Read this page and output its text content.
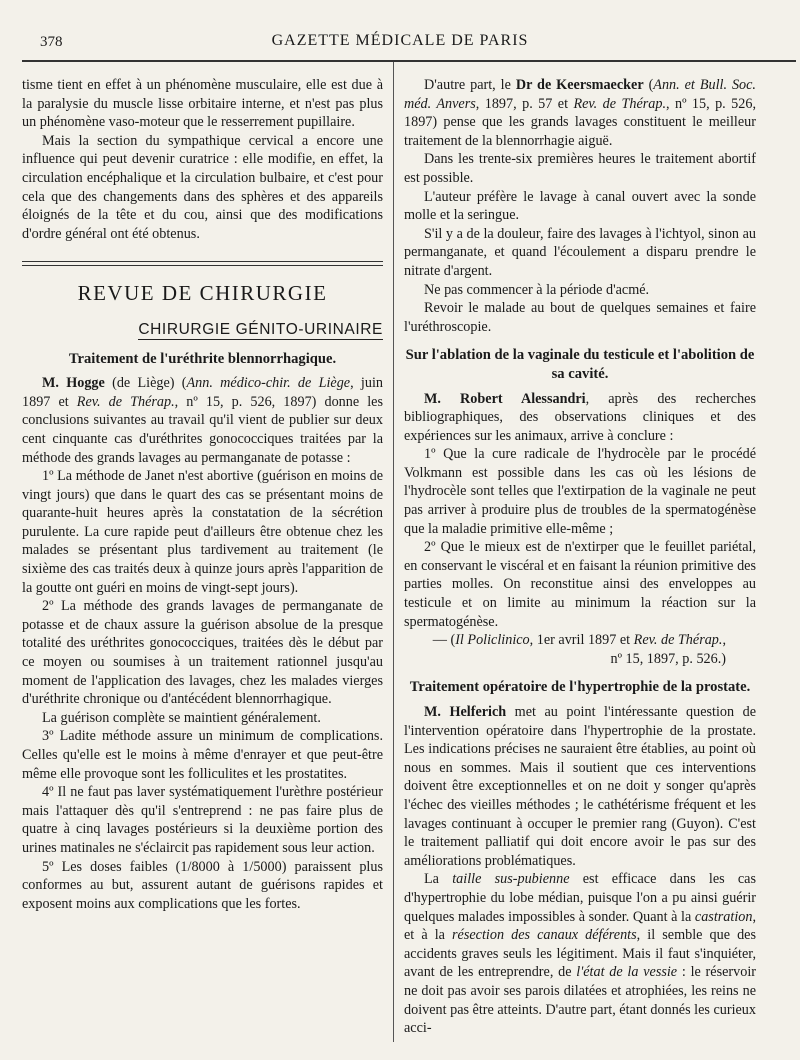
378	GAZETTE MÉDICALE DE PARIS

tisme tient en effet à un phénomène musculaire, elle est due à la paralysie du muscle lisse orbitaire interne, et n'est pas plus un phénomène vaso-moteur que le resserrement pupillaire.

Mais la section du sympathique cervical a encore une influence qui peut devenir curatrice : elle modifie, en effet, la circulation encéphalique et la circulation bulbaire, et c'est pour cela que des changements dans des sphères et des appareils éloignés de la tête et du cou, ainsi que des modifications d'ordre général ont été obtenus.

REVUE DE CHIRURGIE
CHIRURGIE GÉNITO-URINAIRE
Traitement de l'uréthrite blennorrhagique.

M. Hogge (de Liège) (Ann. médico-chir. de Liège, juin 1897 et Rev. de Thérap., nº 15, p. 526, 1897) donne les conclusions suivantes au travail qu'il vient de publier sur deux cent cinquante cas d'uréthrites gonococciques traitées par la méthode des grands lavages au permanganate de potasse :

1º La méthode de Janet n'est abortive (guérison en moins de vingt jours) que dans le quart des cas se présentant moins de quarante-huit heures après la constatation de la sécrétion purulente. La cure rapide peut d'ailleurs être obtenue chez les malades se présentant plus tardivement au traitement (le sixième des cas traités deux à quinze jours après l'apparition de la goutte ont guéri en moins de vingt-sept jours).

2º La méthode des grands lavages de permanganate de potasse et de chaux assure la guérison absolue de la presque totalité des uréthrites gonococciques, traitées dès le début par ce moyen ou soumises à un traitement rationnel jusqu'au moment de l'application des lavages, chez les malades vierges d'uréthrite chronique ou d'antécédent blennorrhagique.

La guérison complète se maintient généralement.

3º Ladite méthode assure un minimum de complications. Celles qu'elle est le moins à même d'enrayer et que peut-être même elle provoque sont les folliculites et les prostatites.

4º Il ne faut pas laver systématiquement l'urèthre postérieur mais l'attaquer dès qu'il s'entreprend : ne pas faire plus de quatre à cinq lavages postérieurs si la deuxième portion des urines matinales ne s'éclaircit pas rapidement sous leur action.

5º Les doses faibles (1/8000 à 1/5000) paraissent plus conformes au but, assurent autant de guérisons rapides et exposent moins aux complications que les fortes.

D'autre part, le Dr de Keersmaecker (Ann. et Bull. Soc. méd. Anvers, 1897, p. 57 et Rev. de Thérap., nº 15, p. 526, 1897) pense que les grands lavages constituent le meilleur traitement de la blennorrhagie aiguë.

Dans les trente-six premières heures le traitement abortif est possible.

L'auteur préfère le lavage à canal ouvert avec la sonde molle et la seringue.

S'il y a de la douleur, faire des lavages à l'ichtyol, sinon au permanganate, et quand l'écoulement a disparu prendre le nitrate d'argent.

Ne pas commencer à la période d'acmé.

Revoir le malade au bout de quelques semaines et faire l'uréthroscopie.

Sur l'ablation de la vaginale du testicule et l'abolition de sa cavité.

M. Robert Alessandri, après des recherches bibliographiques, des observations cliniques et des expériences sur les animaux, arrive à conclure :

1º Que la cure radicale de l'hydrocèle par le procédé Volkmann est possible dans les cas où les lésions de l'hydrocèle sont telles que l'extirpation de la vaginale ne peut pas arriver à produire plus de troubles de la spermatogénèse que la maladie primitive elle-même ;

2º Que le mieux est de n'extirper que le feuillet pariétal, en conservant le viscéral et en faisant la réunion primitive des parties molles. On reconstitue ainsi des enveloppes au testicule et on limite au minimum la réaction sur la spermatogénèse.

— (Il Policlinico, 1er avril 1897 et Rev. de Thérap., nº 15, 1897, p. 526.)

Traitement opératoire de l'hypertrophie de la prostate.

M. Helferich met au point l'intéressante question de l'intervention opératoire dans l'hypertrophie de la prostate. Les indications précises ne sauraient être établies, au point où nous en sommes. Mais il soutient que ces interventions doivent être exceptionnelles et on ne doit y songer qu'après l'échec des vieilles méthodes ; le cathétérisme fréquent et les lavages continuant à occuper le premier rang (Guyon). C'est le traitement palliatif qui doit encore avoir le pas sur des améliorations problématiques.

La taille sus-pubienne est efficace dans les cas d'hypertrophie du lobe médian, puisque l'on a pu ainsi guérir quelques malades impossibles à sonder. Quant à la castration, et à la résection des canaux déférents, il semble que des accidents graves seuls les légitiment. Mais il faut s'inquiéter, avant de les entreprendre, de l'état de la vessie : le réservoir ne doit pas avoir ses parois dilatées et atrophiées, les reins ne doivent pas être atteints. D'autre part, étant donnés les curieux acci-
